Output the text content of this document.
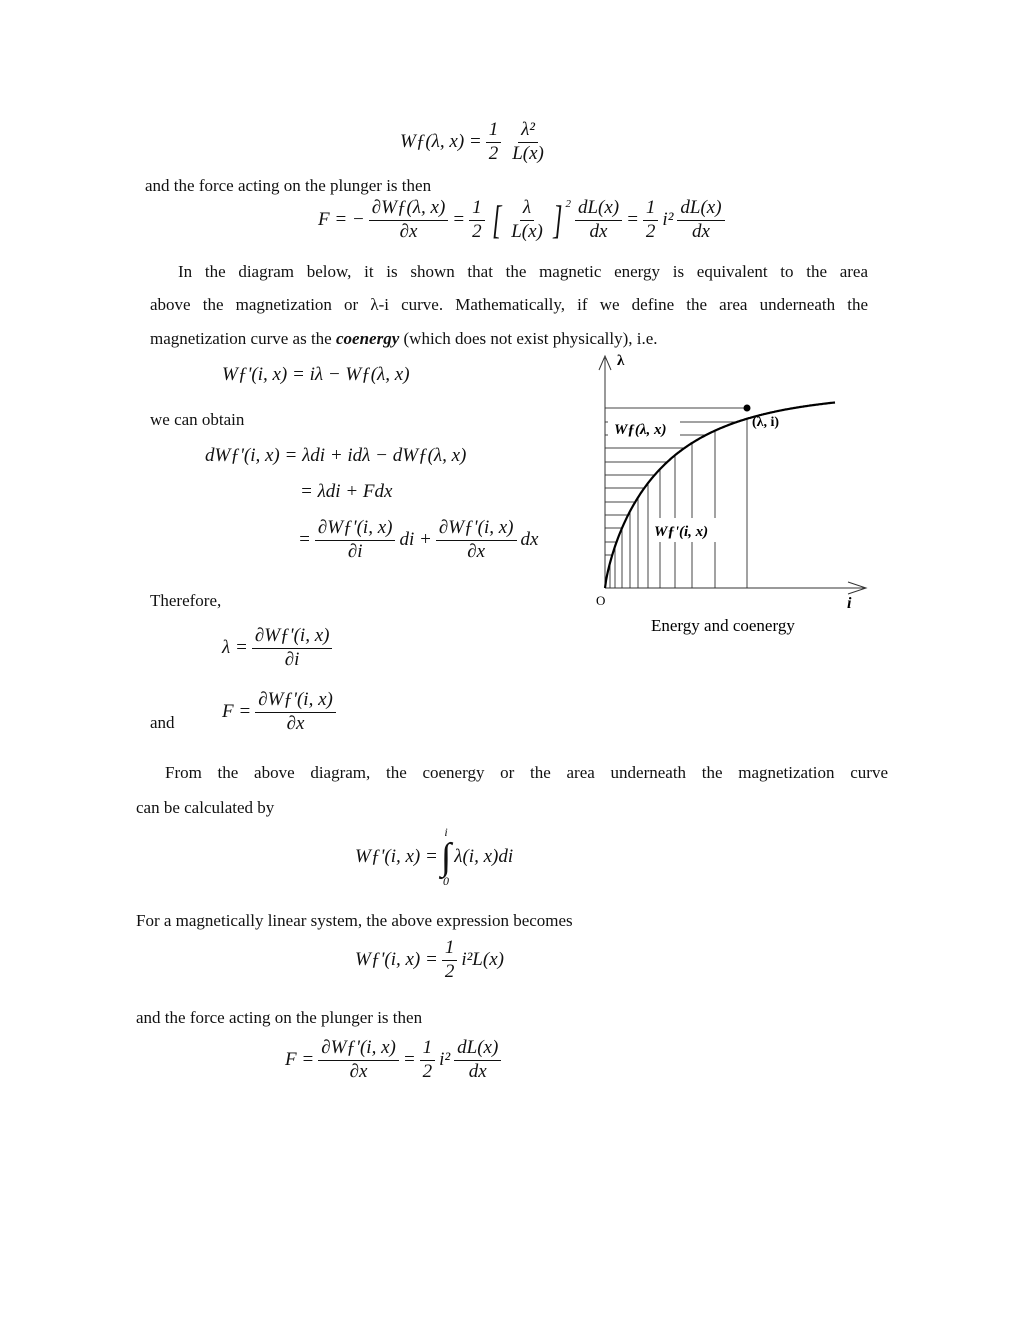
Wƒ(λ, $x) = \frac{1}{2} \frac{\text{λ²}}{L(x)}$
and the force acting on the plunger is then
F = − $\frac{\partial Wƒ(\lambda, x)}{\partial x} = \frac{1}{2}$ [ $\frac{\lambda}{L(x)}$ ] $2 \frac{dL(x)}{dx} = \frac{1}{2} i^2 \frac{dL(x)}{dx}$
In the diagram below, it is shown that the magnetic energy is equivalent to the area
above the magnetization or λ-i curve. Mathematically, if we define the area underneath the
magnetization curve as the coenergy (which does not exist physically), i.e.
Wƒ'(i, x) = iλ − Wƒ(λ, x)
we can obtain
dWƒ'(i, x) = λdi + idλ − dWƒ(λ, x)
= λdi + Fdx
= $\frac{\partial Wƒ'(i, x)}{\partial i}$ di + $\frac{\partial Wƒ'(i, x)}{\partial x}$ dx
Therefore,
$\lambda = \frac{\partial Wƒ'(i, x)}{\partial i}$
and
$F = \frac{\partial Wƒ'(i, x)}{\partial x}$
From the above diagram, the coenergy or the area underneath the magnetization curve
can be calculated by
Wƒ'(i, x) =
i
∫
0
λ(i, x)di
For a magnetically linear system, the above expression becomes
Wƒ'(i, $x) = \frac{1}{2} i^2L(x)$
and the force acting on the plunger is then
$F = \frac{\partial Wƒ'(i, x)}{\partial x} = \frac{1}{2} i^2 \frac{dL(x)}{dx}$
Wƒ(λ, x)
Wƒ'(i, x)
(λ, i)
λ
i
O
Energy and coenergy
